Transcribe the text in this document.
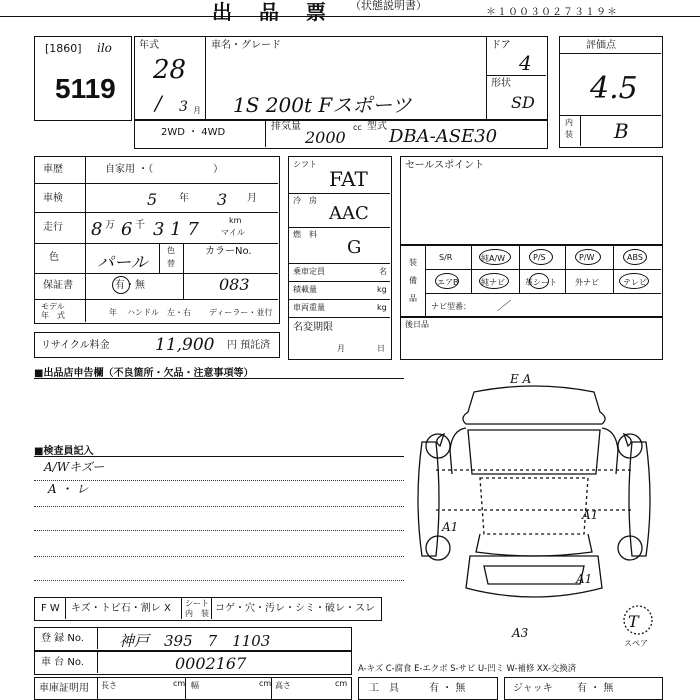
出 品 票 （状態説明書）
＊１００３０２７３１９＊
[1860] ilo
5119
年式
28
/ 3 月
車名・グレード
1S 200t Fスポーツ
ドア
4
形状
SD
評価点
4.5
内
装 B
2WD ・ 4WD
排気量
2000
cc 型式 DBA-ASE30
車歴	自家用 ・（　　　　　　）
車検	5 年 3 月
走行 8 万 6 千 3 1 7	km
マイル
色 パール
色
替
カラーNo.
保証書	有・無	083
モデル
年　式	年 ハンドル　左・右 ディーラー・並行
リサイクル料金	11,900 円 預託済
シフト
FAT
冷　房
AAC
燃　料
G
乗車定員	名
積載量	kg
車両重量	kg
名変期限
月	日
セールスポイント
装
備
品
S/R	純A/W	P/S	P/W	ABS
エアB	純ナビ	革シート 外ナビ	テレビ
ナビ型番： ／
後日品
■出品店申告欄（不良箇所・欠品・注意事項等）
■検査員記入
A/Wキズー
A ・ レ
E A
A1
A1
A1
A3
T
スペア
F W キズ・トビ石・割レ X シート
内　装 コゲ・穴・汚レ・シミ・破レ・スレ
登 録 No. 神戸　395　7　1103
車 台 No.	0002167	A-キズ C-腐食 E-エクボ S-サビ U-凹ミ W-補修 XX-交換済
車庫証明用 長さ	cm 幅	cm 高さ	cm 工　具	有 ・ 無	ジャッキ 有 ・ 無
